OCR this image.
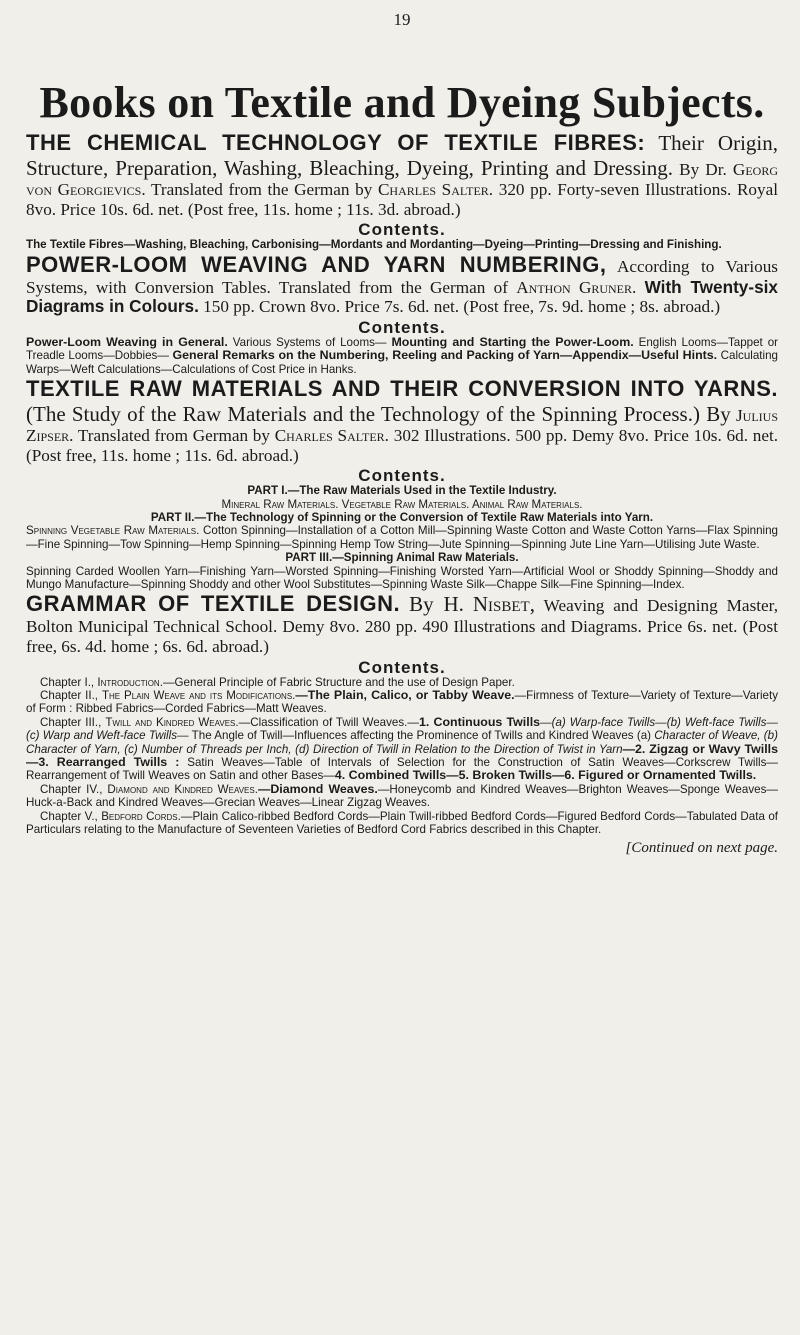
19
Books on Textile and Dyeing Subjects.

THE CHEMICAL TECHNOLOGY OF TEXTILE FIBRES: Their Origin, Structure, Preparation, Washing, Bleaching, Dyeing, Printing and Dressing. By Dr. Georg von Georgievics. Translated from the German by Charles Salter. 320 pp. Forty-seven Illustrations. Royal 8vo. Price 10s. 6d. net. (Post free, 11s. home ; 11s. 3d. abroad.)

Contents.

The Textile Fibres—Washing, Bleaching, Carbonising—Mordants and Mordanting—Dyeing—Printing—Dressing and Finishing.

POWER-LOOM WEAVING AND YARN NUMBERING, According to Various Systems, with Conversion Tables. Translated from the German of Anthon Gruner. With Twenty-six Diagrams in Colours. 150 pp. Crown 8vo. Price 7s. 6d. net. (Post free, 7s. 9d. home ; 8s. abroad.)

Contents.

Power-Loom Weaving in General. Various Systems of Looms— Mounting and Starting the Power-Loom. English Looms—Tappet or Treadle Looms—Dobbies— General Remarks on the Numbering, Reeling and Packing of Yarn—Appendix—Useful Hints. Calculating Warps—Weft Calculations—Calculations of Cost Price in Hanks.

TEXTILE RAW MATERIALS AND THEIR CONVERSION INTO YARNS. (The Study of the Raw Materials and the Technology of the Spinning Process.) By Julius Zipser. Translated from German by Charles Salter. 302 Illustrations. 500 pp. Demy 8vo. Price 10s. 6d. net. (Post free, 11s. home ; 11s. 6d. abroad.)

Contents.

PART I.—The Raw Materials Used in the Textile Industry.

Mineral Raw Materials. Vegetable Raw Materials. Animal Raw Materials.

PART II.—The Technology of Spinning or the Conversion of Textile Raw Materials into Yarn.

Spinning Vegetable Raw Materials. Cotton Spinning—Installation of a Cotton Mill—Spinning Waste Cotton and Waste Cotton Yarns—Flax Spinning—Fine Spinning—Tow Spinning—Hemp Spinning—Spinning Hemp Tow String—Jute Spinning—Spinning Jute Line Yarn—Utilising Jute Waste.

PART III.—Spinning Animal Raw Materials.

Spinning Carded Woollen Yarn—Finishing Yarn—Worsted Spinning—Finishing Worsted Yarn—Artificial Wool or Shoddy Spinning—Shoddy and Mungo Manufacture—Spinning Shoddy and other Wool Substitutes—Spinning Waste Silk—Chappe Silk—Fine Spinning—Index.

GRAMMAR OF TEXTILE DESIGN. By H. Nisbet, Weaving and Designing Master, Bolton Municipal Technical School. Demy 8vo. 280 pp. 490 Illustrations and Diagrams. Price 6s. net. (Post free, 6s. 4d. home ; 6s. 6d. abroad.)

Contents.

Chapter I., Introduction.—General Principle of Fabric Structure and the use of Design Paper.

Chapter II., The Plain Weave and its Modifications.—The Plain, Calico, or Tabby Weave.—Firmness of Texture—Variety of Texture—Variety of Form : Ribbed Fabrics—Corded Fabrics—Matt Weaves.

Chapter III., Twill and Kindred Weaves.—Classification of Twill Weaves.—1. Continuous Twills—(a) Warp-face Twills—(b) Weft-face Twills—(c) Warp and Weft-face Twills— The Angle of Twill—Influences affecting the Prominence of Twills and Kindred Weaves (a) Character of Weave, (b) Character of Yarn, (c) Number of Threads per Inch, (d) Direction of Twill in Relation to the Direction of Twist in Yarn—2. Zigzag or Wavy Twills—3. Rearranged Twills : Satin Weaves—Table of Intervals of Selection for the Construction of Satin Weaves—Corkscrew Twills—Rearrangement of Twill Weaves on Satin and other Bases—4. Combined Twills—5. Broken Twills—6. Figured or Ornamented Twills.

Chapter IV., Diamond and Kindred Weaves.—Diamond Weaves.—Honeycomb and Kindred Weaves—Brighton Weaves—Sponge Weaves—Huck-a-Back and Kindred Weaves—Grecian Weaves—Linear Zigzag Weaves.

Chapter V., Bedford Cords.—Plain Calico-ribbed Bedford Cords—Plain Twill-ribbed Bedford Cords—Figured Bedford Cords—Tabulated Data of Particulars relating to the Manufacture of Seventeen Varieties of Bedford Cord Fabrics described in this Chapter.

[Continued on next page.
